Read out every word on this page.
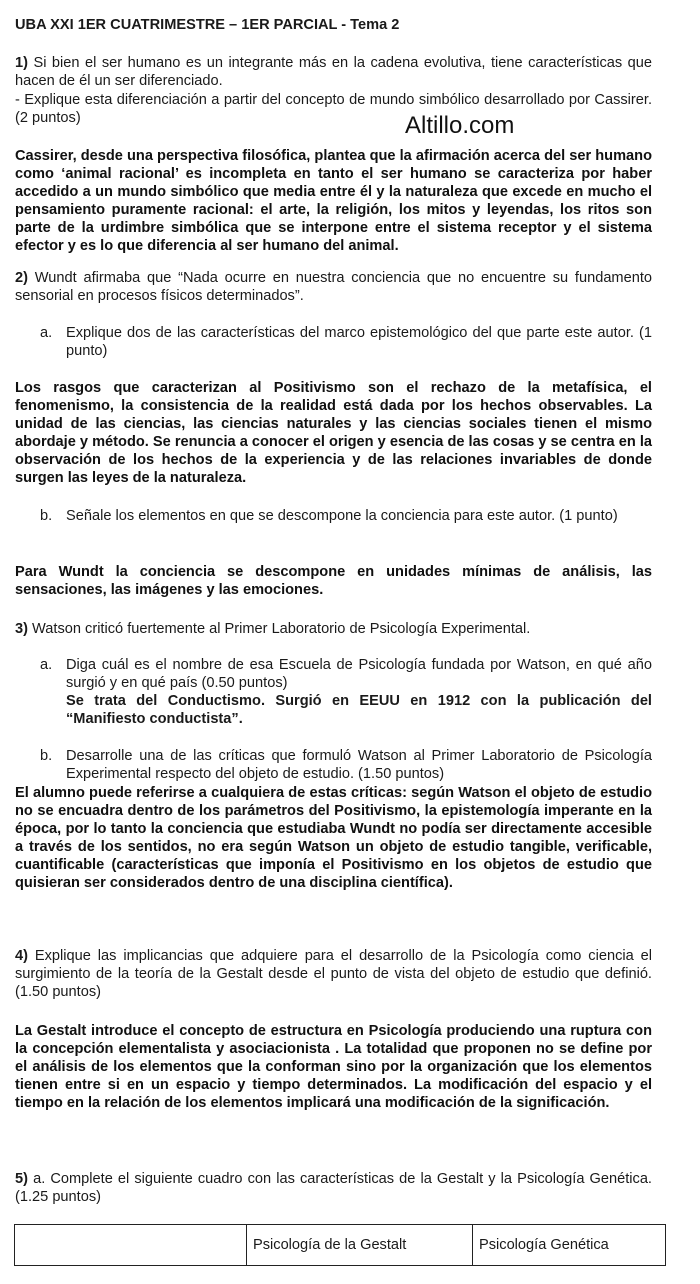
UBA XXI 1ER CUATRIMESTRE – 1ER PARCIAL - Tema 2
Altillo.com

1) Si bien el ser humano es un integrante más en la cadena evolutiva, tiene características que hacen de él un ser diferenciado.

- Explique esta diferenciación a partir del concepto de mundo simbólico desarrollado por Cassirer. (2 puntos)

Cassirer, desde una perspectiva filosófica, plantea que la afirmación acerca del ser humano como ‘animal racional’ es incompleta en tanto el ser humano se caracteriza por haber accedido a un mundo simbólico que media entre él y la naturaleza que excede en mucho el pensamiento puramente racional: el arte, la religión, los mitos y leyendas, los ritos son parte de la urdimbre simbólica que se interpone entre el sistema receptor y el sistema efector y es lo que diferencia al ser humano del animal.

2) Wundt afirmaba que “Nada ocurre en nuestra conciencia que no encuentre su fundamento sensorial en procesos físicos determinados”.

a. Explique dos de las características del marco epistemológico del que parte este autor. (1 punto)

Los rasgos que caracterizan al Positivismo son el rechazo de la metafísica, el fenomenismo, la consistencia de la realidad está dada por los hechos observables. La unidad de las ciencias, las ciencias naturales y las ciencias sociales tienen el mismo abordaje y método. Se renuncia a conocer el origen y esencia de las cosas y se centra en la observación de los hechos de la experiencia y de las relaciones invariables de donde surgen las leyes de la naturaleza.

b. Señale los elementos en que se descompone la conciencia para este autor. (1 punto)

Para Wundt la conciencia se descompone en unidades mínimas de análisis, las sensaciones, las imágenes y las emociones.

3) Watson criticó fuertemente al Primer Laboratorio de Psicología Experimental.

a. Diga cuál es el nombre de esa Escuela de Psicología fundada por Watson, en qué año surgió y en qué país (0.50 puntos)
Se trata del Conductismo. Surgió en EEUU en 1912 con la publicación del “Manifiesto conductista”.
b. Desarrolle una de las críticas que formuló Watson al Primer Laboratorio de Psicología Experimental respecto del objeto de estudio. (1.50 puntos)

El alumno puede referirse a cualquiera de estas críticas: según Watson el objeto de estudio no se encuadra dentro de los parámetros del Positivismo, la epistemología imperante en la época, por lo tanto la conciencia que estudiaba Wundt no podía ser directamente accesible a través de los sentidos, no era según Watson un objeto de estudio tangible, verificable, cuantificable (características que imponía el Positivismo en los objetos de estudio que quisieran ser considerados dentro de una disciplina científica).

4) Explique las implicancias que adquiere para el desarrollo de la Psicología como ciencia el surgimiento de la teoría de la Gestalt desde el punto de vista del objeto de estudio que definió. (1.50 puntos)

La Gestalt introduce el concepto de estructura en Psicología produciendo una ruptura con la concepción elementalista y asociacionista . La totalidad que proponen no se define por el análisis de los elementos que la conforman sino por la organización que los elementos tienen entre si en un espacio y tiempo determinados. La modificación del espacio y el tiempo en la relación de los elementos implicará una modificación de la significación.

5) a. Complete el siguiente cuadro con las características de la Gestalt y la Psicología Genética. (1.25 puntos)

	Psicología de la Gestalt	Psicología Genética
